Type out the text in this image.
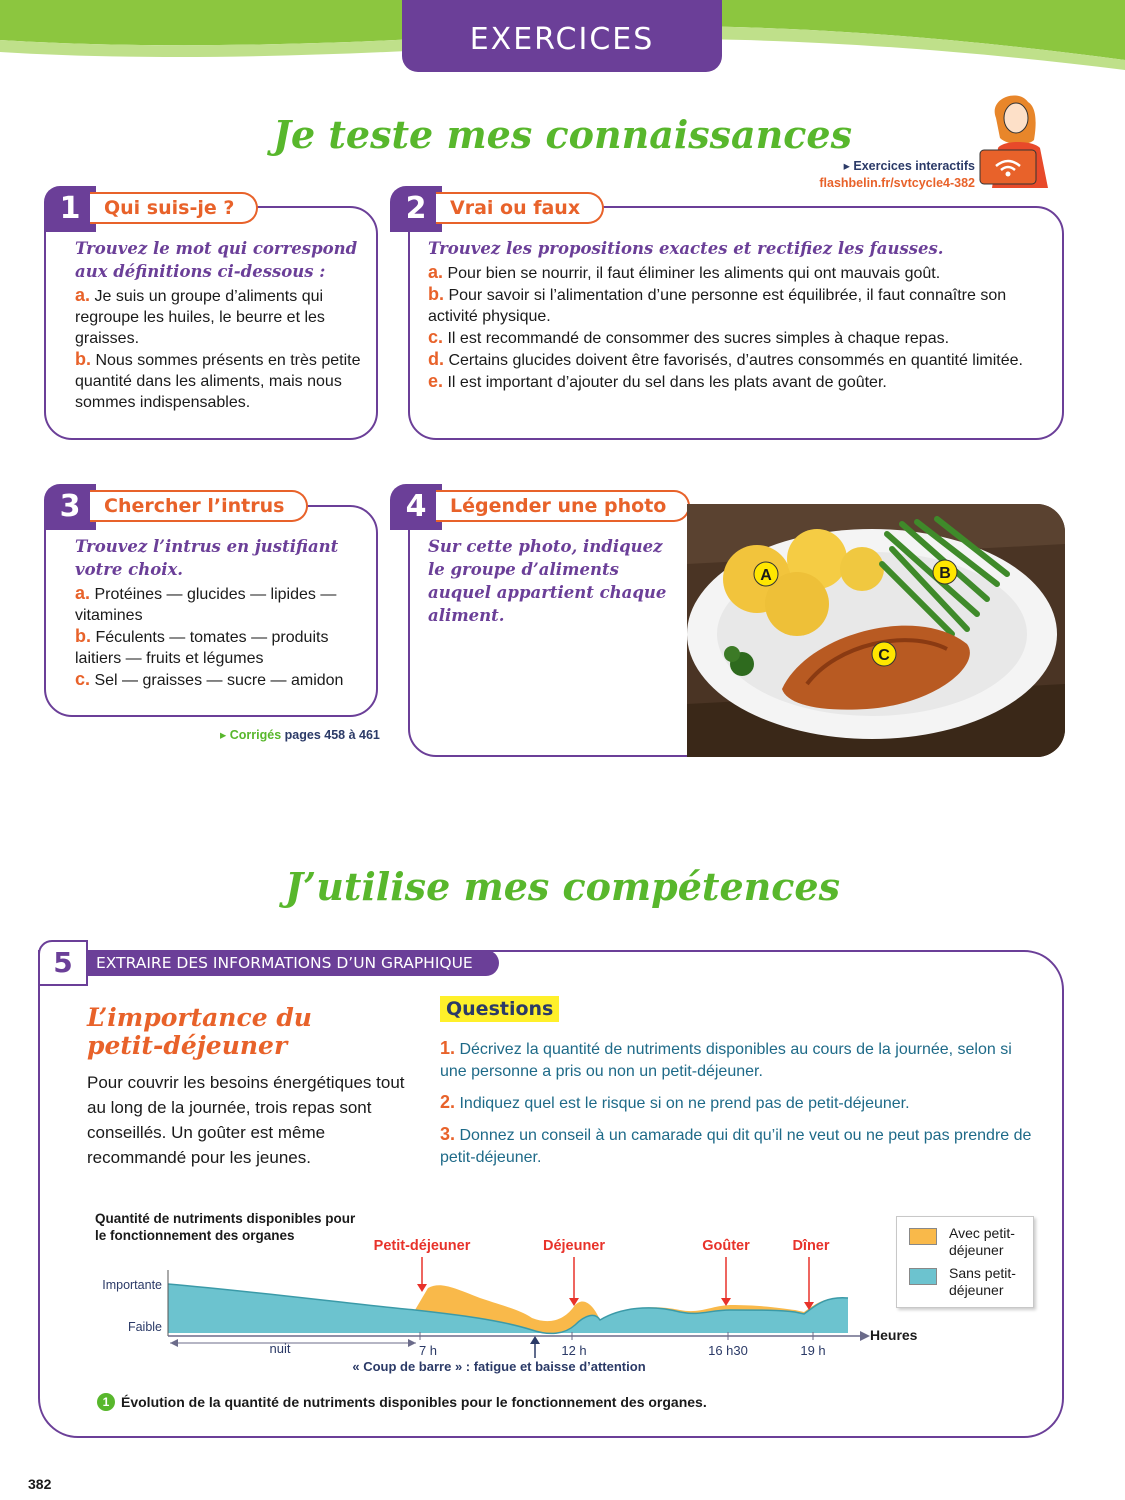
EXERCICES
Je teste mes connaissances
▸ Exercices interactifs
flashbelin.fr/svtcycle4-382
1	Qui suis-je ?
Trouvez le mot qui correspond aux définitions ci-dessous :

a. Je suis un groupe d’aliments qui regroupe les huiles, le beurre et les graisses.

b. Nous sommes présents en très petite quantité dans les aliments, mais nous sommes indispensables.

2	Vrai ou faux
Trouvez les propositions exactes et rectifiez les fausses.

a. Pour bien se nourrir, il faut éliminer les aliments qui ont mauvais goût.

b. Pour savoir si l’alimentation d’une personne est équilibrée, il faut connaître son activité physique.

c. Il est recommandé de consommer des sucres simples à chaque repas.

d. Certains glucides doivent être favorisés, d’autres consommés en quantité limitée.

e. Il est important d’ajouter du sel dans les plats avant de goûter.

3	Chercher l’intrus
Trouvez l’intrus en justifiant votre choix.

a. Protéines — glucides — lipides — vitamines

b. Féculents — tomates — produits laitiers — fruits et légumes

c. Sel — graisses — sucre — amidon

▸ Corrigés pages 458 à 461
4	Légender une photo
Sur cette photo, indiquez le groupe d’aliments auquel appartient chaque aliment.
A	B
C
J’utilise mes compétences
EXTRAIRE DES INFORMATIONS D’UN GRAPHIQUE
5
L’importance du petit-déjeuner
Pour couvrir les besoins énergétiques tout au long de la journée, trois repas sont conseillés. Un goûter est même recommandé pour les jeunes.
Questions

1. Décrivez la quantité de nutriments disponibles au cours de la journée, selon si une personne a pris ou non un petit-déjeuner.

2. Indiquez quel est le risque si on ne prend pas de petit-déjeuner.

3. Donnez un conseil à un camarade qui dit qu’il ne veut ou ne peut pas prendre de petit-déjeuner.

Quantité de nutriments disponibles pour le fonctionnement des organes
Heures
Importante
Faible
nuit	7 h	12 h	16 h30	19 h
Petit-déjeuner	Déjeuner	Goûter	Dîner
« Coup de barre » : fatigue et baisse d’attention
Avec petit-déjeuner
Sans petit-déjeuner
1 Évolution de la quantité de nutriments disponibles pour le fonctionnement des organes.
382
